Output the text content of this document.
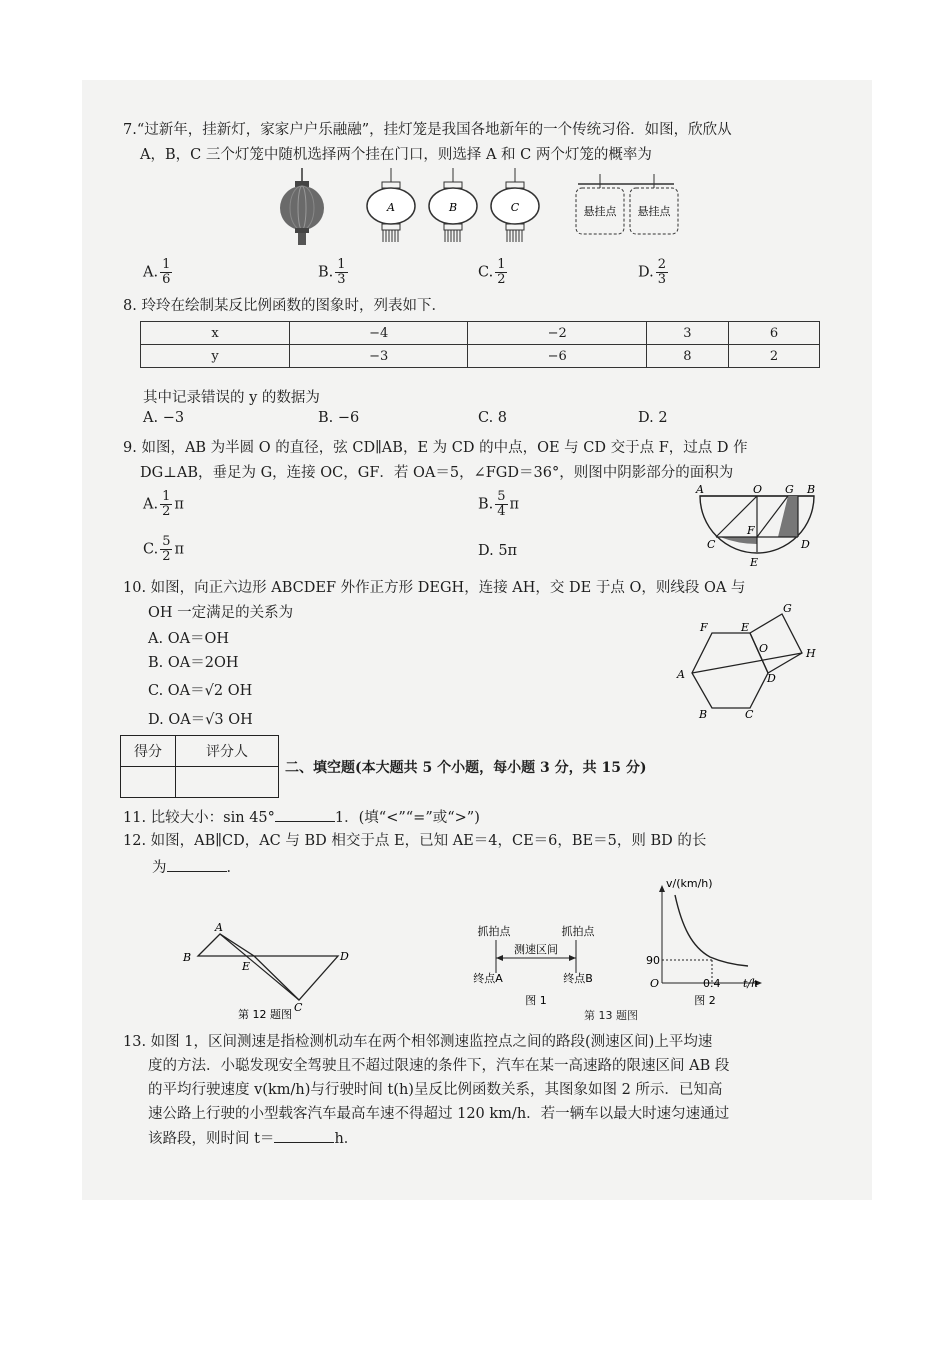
7.“过新年，挂新灯，家家户户乐融融”，挂灯笼是我国各地新年的一个传统习俗．如图，欣欣从
A，B，C 三个灯笼中随机选择两个挂在门口，则选择 A 和 C 两个灯笼的概率为
A	B	C	悬挂点 悬挂点
A. $\frac{1}{6}$	B. $\frac{1}{3}$	C. $\frac{1}{2}$	D. $\frac{2}{3}$
8. 玲玲在绘制某反比例函数的图象时，列表如下．
x	−4	−2	3	6
y	−3	−6	8	2
其中记录错误的 y 的数据为
A. −3	B. −6	C. 8	D. 2
9. 如图，AB 为半圆 O 的直径，弦 CD∥AB，E 为 CD 的中点，OE 与 CD 交于点 F，过点 D 作
DG⊥AB，垂足为 G，连接 OC，GF．若 OA＝5，∠FGD＝36°，则图中阴影部分的面积为
A. $\frac{1}{2}$ π	B. $\frac{5}{4}$ π
C. $\frac{5}{2}$ π	D. 5π
A	O G B
C
F
D
E
10. 如图，向正六边形 ABCDEF 外作正方形 DEGH，连接 AH，交 DE 于点 O，则线段 OA 与
OH 一定满足的关系为
A. OA＝OH
B. OA＝2OH
C. OA＝√2 OH
D. OA＝√3 OH
F	E
G
O	H
A	D
B	C
得分	评分人

二、填空题(本大题共 5 个小题，每小题 3 分，共 15 分)
11. 比较大小：sin 45°	1．(填“<”“=”或“>”)
12. 如图，AB∥CD，AC 与 BD 相交于点 E，已知 AE＝4，CE＝6，BE＝5，则 BD 的长
为	．
A
B
E
D
C
第 12 题图
抓拍点	抓拍点
测速区间
终点A	终点B
图 1
第 13 题图
v/(km/h)
90
O	0.4 t/h
图 2
13. 如图 1，区间测速是指检测机动车在两个相邻测速监控点之间的路段(测速区间)上平均速
度的方法．小聪发现安全驾驶且不超过限速的条件下，汽车在某一高速路的限速区间 AB 段
的平均行驶速度 v(km/h)与行驶时间 t(h)呈反比例函数关系，其图象如图 2 所示．已知高
速公路上行驶的小型载客汽车最高车速不得超过 120 km/h．若一辆车以最大时速匀速通过
该路段，则时间 t＝	h．
